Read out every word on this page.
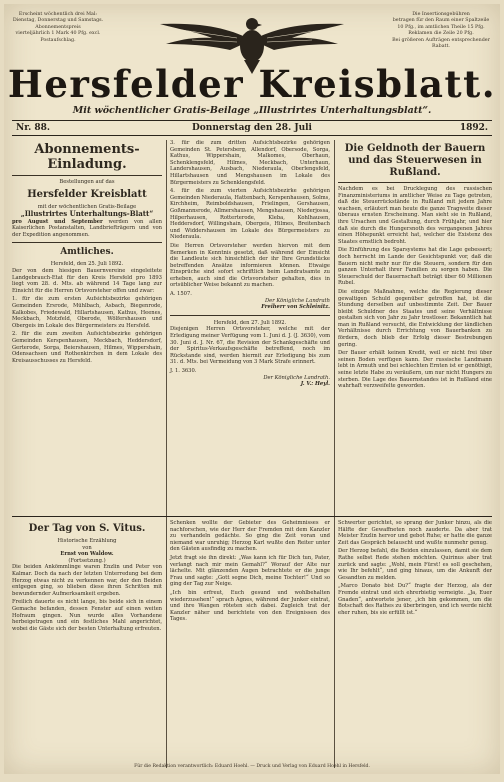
Erscheint wöchentlich drei Mal:
Dienstag, Donnerstag und Samstags.
Abonnementspreis
vierteljährlich 1 Mark 40 Pfg. excl.
Postaufschlag.
Die Insertionsgebühren
betragen für den Raum einer Spaltzeile
10 Pfg., im amtlichen Theile 15 Pfg.
Reklamen die Zeile 20 Pfg.
Bei größeren Aufträgen entsprechender Rabatt.
Hersfelder Kreisblatt.
Mit wöchentlicher Gratis-Beilage „Illustrirtes Unterhaltungsblatt“.
Nr. 88.	Donnerstag den 28. Juli	1892.
Abonnements-Einladung.
Bestellungen auf das
Hersfelder Kreisblatt
mit der wöchentlichen Gratis-Beilage
„Illustrirtes Unterhaltungs-Blatt“

pro August und September werden von allen Kaiserlichen Postanstalten, Landbriefträgern und von der Expedition angenommen.

Amtliches.
Hersfeld, den 25. Juli 1892.

Der von dem hiesigen Bauernvereine eingeleitete Landgebrauch-Etat für den Kreis Hersfeld pro 1893 liegt vom 28. d. Mts. ab während 14 Tage lang zur Einsicht für die Herren Ortsvorsteher offen und zwar:

1. für die zum ersten Aufsichtsbezirke gehörigen Gemeinden Ersrode, Mühlbach, Asbach, Biegenrode, Kalkobes, Friedewald, Hillartshausen, Kathus, Heenes, Meckbach, Motzfeld, Oberode, Wölfershausen und Obergeis im Lokale des Bürgermeisters zu Hersfeld.

2. für die zum zweiten Aufsichtsbezirke gehörigen Gemeinden Kerspenhausen, Meckbach, Heddersdorf, Gerterode, Sorga, Beiershausen, Hilmes, Wippershain, Odensachsen und Rothenkirchen in dem Lokale des Kreisausschusses zu Hersfeld.

3. für die zum dritten Aufsichtsbezirke gehörigen Gemeinden St. Petersberg, Allendorf, Obersode, Sorga, Kathus, Wippershain, Malkomes, Oberhaun, Schenklengsfeld, Hilmes, Meckbach, Unterhaun, Landershausen, Ausbach, Niederaula, Oberlengsfeld, Hillartshausen und Mengshausen im Lokale des Bürgermeisters zu Schenklengsfeld.

4. für die zum vierten Aufsichtsbezirke gehörigen Gemeinden Niederaula, Hattenbach, Kerspenhausen, Solms, Kirchheim, Reimboldshausen, Frielingen, Gershausen, Goßmannsrode, Allmershausen, Mengshausen, Niederjossa, Hilperhausen, Rotterterode, Kleba, Kohlhausen, Heddersdorf, Willingshain, Obergeis, Hilmes, Breitenbach und Widdershausen im Lokale des Bürgermeisters zu Niederaula.

Die Herren Ortsvorsteher werden hiervon mit dem Bemerken in Kenntnis gesetzt, daß während der Einsicht die Landleute sich hinsichtlich der ihr Ihre Grundstücke betreffenden Ansätze informieren können. Etwaige Einsprüche sind sofort schriftlich beim Landratsamte zu erheben, auch sind die Ortsvorsteher gehalten, dies in ortsüblicher Weise bekannt zu machen.

A. 1507.
Der Königliche Landrath
Freiherr von Schleinitz.
Hersfeld, den 27. Juli 1892.

Diejenigen Herren Ortsvorsteher, welche mit der Erledigung meiner Verfügung vom 1. Juni d. J. (J. 3630), vom 30. Juni d. J. Nr. 67, die Revision der Schankgeschäfte und der Spiritus-Verkaufsgeschäfte betreffend, noch im Rückstande sind, werden hiermit zur Erledigung bis zum 31. d. Mts. bei Vermeidung von 3 Mark Strafe erinnert.

J. 1. 3630.
Der Königliche Landrath.
J. V.: Heyl.
Die Geldnoth der Bauern und das Steuerwesen in Rußland.

Nachdem es bei Drucklegung des russischen Finanzministeriums in amtlicher Weise zu Tage getreten, daß die Steuerrückstände in Rußland mit jedem Jahre wachsen, erläutert man heute die ganze Tragweite dieser überaus ernsten Erscheinung. Man sieht sie in Rußland, ihre Ursachen und Gestaltung, durch Frühjahr, und hier daß sie durch die Hungersnoth des vergangenen Jahres einen Höhepunkt erreicht hat, welcher die Existenz des Staates ernstlich bedroht.

Die Einführung des Sparsystems hat die Lage gebessert; doch herrscht im Lande der Gesichtspunkt vor, daß die Bauern nicht mehr nur für die Steuern, sondern für den ganzen Unterhalt ihrer Familien zu sorgen haben. Die Steuerschuld der Bauernschaft beträgt über 60 Millionen Rubel.

Die einzige Maßnahme, welche die Regierung dieser gewaltigen Schuld gegenüber getroffen hat, ist die Stundung derselben auf unbestimmte Zeit. Der Bauer bleibt Schuldner des Staates und seine Verhältnisse gestalten sich von Jahr zu Jahr trostloser. Bekanntlich hat man in Rußland versucht, die Entwicklung der ländlichen Verhältnisse durch Errichtung von Bauerbanken zu fördern, doch blieb der Erfolg dieser Bestrebungen gering.

Der Bauer erhält keinen Kredit, weil er nicht frei über seinen Boden verfügen kann. Der russische Landmann lebt in Armuth und bei schlechten Ernten ist er genöthigt, seine letzte Habe zu veräußern, um nur nicht Hungers zu sterben. Die Lage des Bauernstandes ist in Rußland eine wahrhaft verzweifelte geworden.

Der Tag von S. Vitus.
Historische Erzählung
von
Ernst von Waldow.
(Fortsetzung.)

Die beiden Ankömmlinge waren Enzlin und Peter von Kalmar. Doch da nach der letzten Unterredung bei dem Herzog etwas nicht zu verkennen war, der den Beiden entgegen ging, so blieben diese ihren Schritten mit bewundernder Aufmerksamkeit ergeben.

Freilich dauerte es nicht lange, bis beide sich in einem Gemache befanden, dessen Fenster auf einen weiten Hofraum gingen. Nun wurde alles Vorhandene herbeigetragen und ein festliches Mahl angerichtet, wobei die Gäste sich der besten Unterhaltung erfreuten.

Schenken wollte der Gebieter des Geheimnisses er nachforschen, wie der Herr der Fremden mit dem Kanzler zu verhandeln gedächte. So ging die Zeit voran und niemand war unruhig; Herzog Karl wußte den Reiter unter den Gästen ausfindig zu machen.

Jetzt fragt sie ihn direkt: „Was kann ich für Dich tun, Pater, verlangt nach mir mein Gemahl?“ Worauf der Alte nur lächelte. Mit glänzenden Augen betrachtete er die junge Frau und sagte: „Gott segne Dich, meine Tochter!“ Und so ging der Tag zur Neige.

„Ich bin erfreut, Euch gesund und wohlbehalten wiederzusehen!“ sprach Agnes, während der Junker eintrat, und ihre Wangen röteten sich dabei. Zugleich trat der Kanzler näher und berichtete von den Ereignissen des Tages.

Schwerter gerichtet, so sprang der Junker hinzu, als die Hälfte der Gewaffneten noch zauderte. Da aber trat Meister Enzlin hervor und gebot Ruhe; er hatte die ganze Zeit das Gespräch belauscht und wußte nunmehr genug.

Der Herzog befahl, die Beiden einzulassen, damit sie dem Rathe selbst Rede stehen möchten. Quirinus aber trat zurück und sagte: „Wohl, mein Fürst! es soll geschehen, wie Ihr befehlt“, und ging hinaus, um die Ankunft der Gesandten zu melden.

„Marco Donato bist Du?“ fragte der Herzog, als der Fremde eintrat und sich ehrerbietig verneigte. „Ja, Euer Gnaden“, antwortete jener, „ich bin gekommen, um die Botschaft des Rathes zu überbringen, und ich werde nicht eher ruhen, bis sie erfüllt ist.“

Für die Redaktion verantwortlich: Eduard Hoehl. — Druck und Verlag von Eduard Hoehl in Hersfeld.
